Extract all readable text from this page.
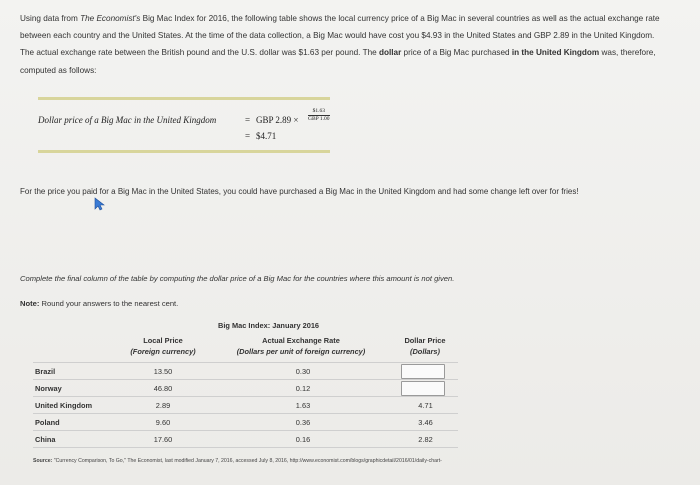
Using data from The Economist's Big Mac Index for 2016, the following table shows the local currency price of a Big Mac in several countries as well as the actual exchange rate between each country and the United States. At the time of the data collection, a Big Mac would have cost you $4.93 in the United States and GBP 2.89 in the United Kingdom. The actual exchange rate between the British pound and the U.S. dollar was $1.63 per pound. The dollar price of a Big Mac purchased in the United Kingdom was, therefore, computed as follows:
Dollar price of a Big Mac in the United Kingdom	= GBP 2.89 ×
$1.63
GBP 1.00
= $4.71
For the price you paid for a Big Mac in the United States, you could have purchased a Big Mac in the United Kingdom and had some change left over for fries!
Complete the final column of the table by computing the dollar price of a Big Mac for the countries where this amount is not given.
Note: Round your answers to the nearest cent.
Big Mac Index: January 2016
Local Price
(Foreign currency)
Actual Exchange Rate
(Dollars per unit of foreign currency)
Dollar Price
(Dollars)
Brazil	13.50	0.30
Norway	46.80	0.12
United Kingdom	2.89	1.63	4.71
Poland	9.60	0.36	3.46
China	17.60	0.16	2.82
Source: "Currency Comparison, To Go," The Economist, last modified January 7, 2016, accessed July 8, 2016, http://www.economist.com/blogs/graphicdetail/2016/01/daily-chart-
